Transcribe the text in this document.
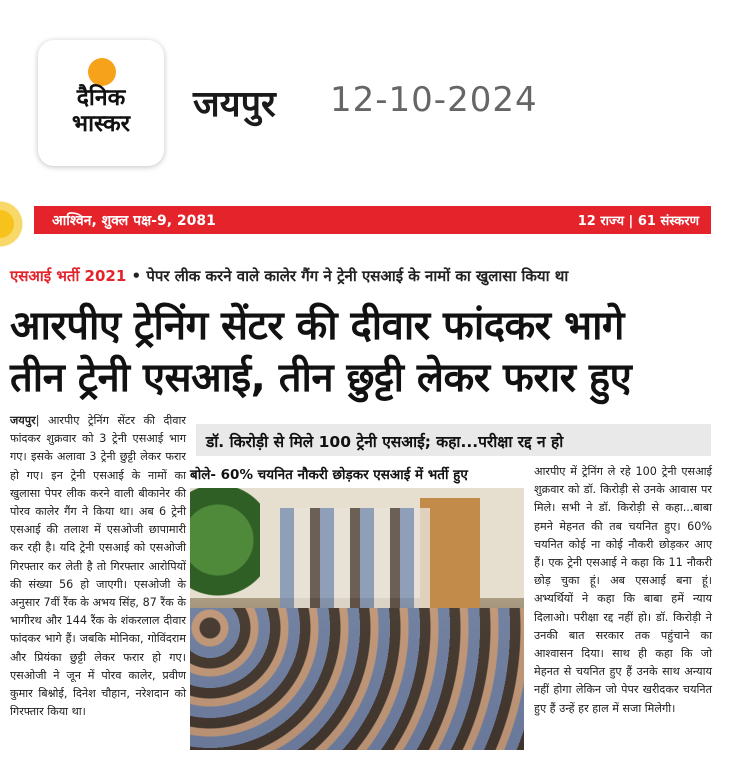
दैनिक
भास्कर	जयपुर 12-10-2024
आश्विन, शुक्ल पक्ष-9, 2081	12 राज्य | 61 संस्करण
एसआई भर्ती 2021 • पेपर लीक करने वाले कालेर गैंग ने ट्रेनी एसआई के नामों का खुलासा किया था
आरपीए ट्रेनिंग सेंटर की दीवार फांदकर भागे
तीन ट्रेनी एसआई, तीन छुट्टी लेकर फरार हुए
जयपुर| आरपीए ट्रेनिंग सेंटर की दीवार फांदकर शुक्रवार को 3 ट्रेनी एसआई भाग गए। इसके अलावा 3 ट्रेनी छुट्टी लेकर फरार हो गए। इन ट्रेनी एसआई के नामों का खुलासा पेपर लीक करने वाली बीकानेर की पोरव कालेर गैंग ने किया था। अब 6 ट्रेनी एसआई की तलाश में एसओजी छापामारी कर रही है। यदि ट्रेनी एसआई को एसओजी गिरफ्तार कर लेती है तो गिरफ्तार आरोपियों की संख्या 56 हो जाएगी। एसओजी के अनुसार 7वीं रैंक के अभय सिंह, 87 रैंक के भागीरथ और 144 रैंक के शंकरलाल दीवार फांदकर भागे हैं। जबकि मोनिका, गोविंदराम और प्रियंका छुट्टी लेकर फरार हो गए। एसओजी ने जून में पोरव कालेर, प्रवीण कुमार बिश्नोई, दिनेश चौहान, नरेशदान को गिरफ्तार किया था।
डॉ. किरोड़ी से मिले 100 ट्रेनी एसआई; कहा...परीक्षा रद्द न हो
बोले- 60% चयनित नौकरी छोड़कर एसआई में भर्ती हुए	आरपीए में ट्रेनिंग ले रहे 100 ट्रेनी एसआई शुक्रवार को डॉ. किरोड़ी से उनके आवास पर मिले। सभी ने डॉ. किरोड़ी से कहा...बाबा हमने मेहनत की तब चयनित हुए। 60% चयनित कोई ना कोई नौकरी छोड़कर आए हैं। एक ट्रेनी एसआई ने कहा कि 11 नौकरी छोड़ चुका हूं। अब एसआई बना हूं। अभ्यर्थियों ने कहा कि बाबा हमें न्याय दिलाओ। परीक्षा रद्द नहीं हो। डॉ. किरोड़ी ने उनकी बात सरकार तक पहुंचाने का आश्वासन दिया। साथ ही कहा कि जो मेहनत से चयनित हुए हैं उनके साथ अन्याय नहीं होगा लेकिन जो पेपर खरीदकर चयनित हुए हैं उन्हें हर हाल में सजा मिलेगी।
